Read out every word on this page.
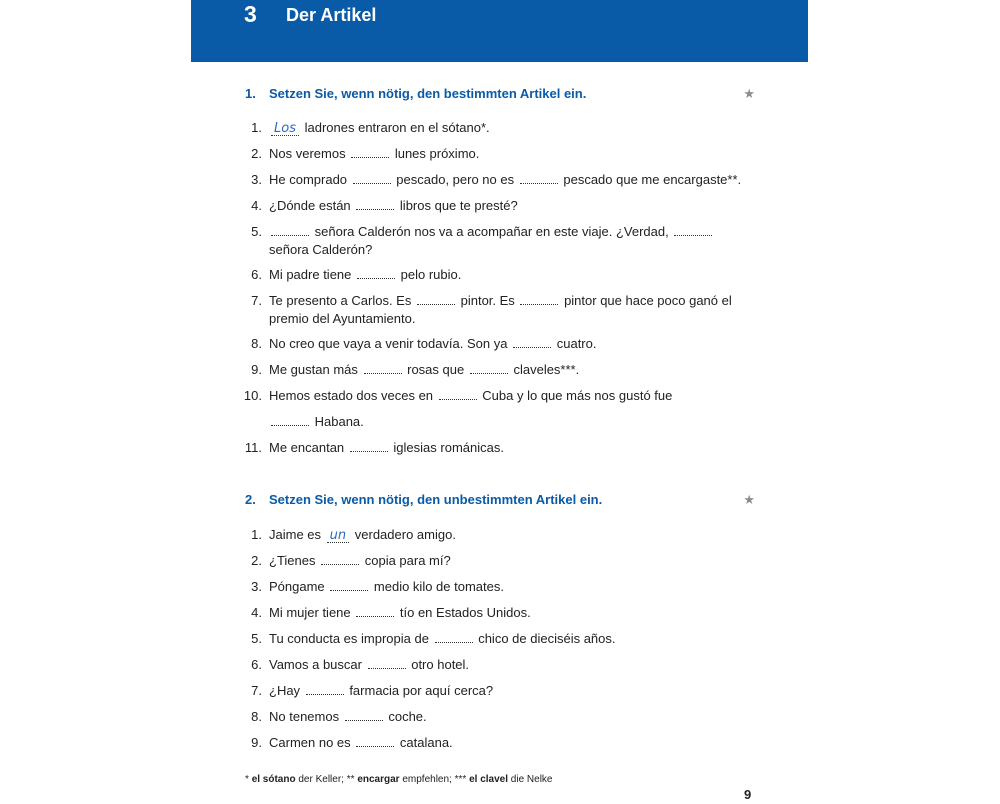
3 Der Artikel
1. Setzen Sie, wenn nötig, den bestimmten Artikel ein.	★
1. Los ladrones entraron en el sótano*.
2. Nos veremos	lunes próximo.
3. He comprado	pescado, pero no es	pescado que me encargaste**.
4. ¿Dónde están	libros que te presté?
5.	señora Calderón nos va a acompañar en este viaje. ¿Verdad,
señora Calderón?
6. Mi padre tiene	pelo rubio.
7. Te presento a Carlos. Es	pintor. Es	pintor que hace poco ganó el
premio del Ayuntamiento.
8. No creo que vaya a venir todavía. Son ya	cuatro.
9. Me gustan más	rosas que	claveles***.
10. Hemos estado dos veces en	Cuba y lo que más nos gustó fue
Habana.
11. Me encantan	iglesias románicas.
2. Setzen Sie, wenn nötig, den unbestimmten Artikel ein.	★
1. Jaime es un verdadero amigo.
2. ¿Tienes	copia para mí?
3. Póngame	medio kilo de tomates.
4. Mi mujer tiene	tío en Estados Unidos.
5. Tu conducta es impropia de	chico de dieciséis años.
6. Vamos a buscar	otro hotel.
7. ¿Hay	farmacia por aquí cerca?
8. No tenemos	coche.
9. Carmen no es	catalana.
* el sótano der Keller; ** encargar empfehlen; *** el clavel die Nelke
9
